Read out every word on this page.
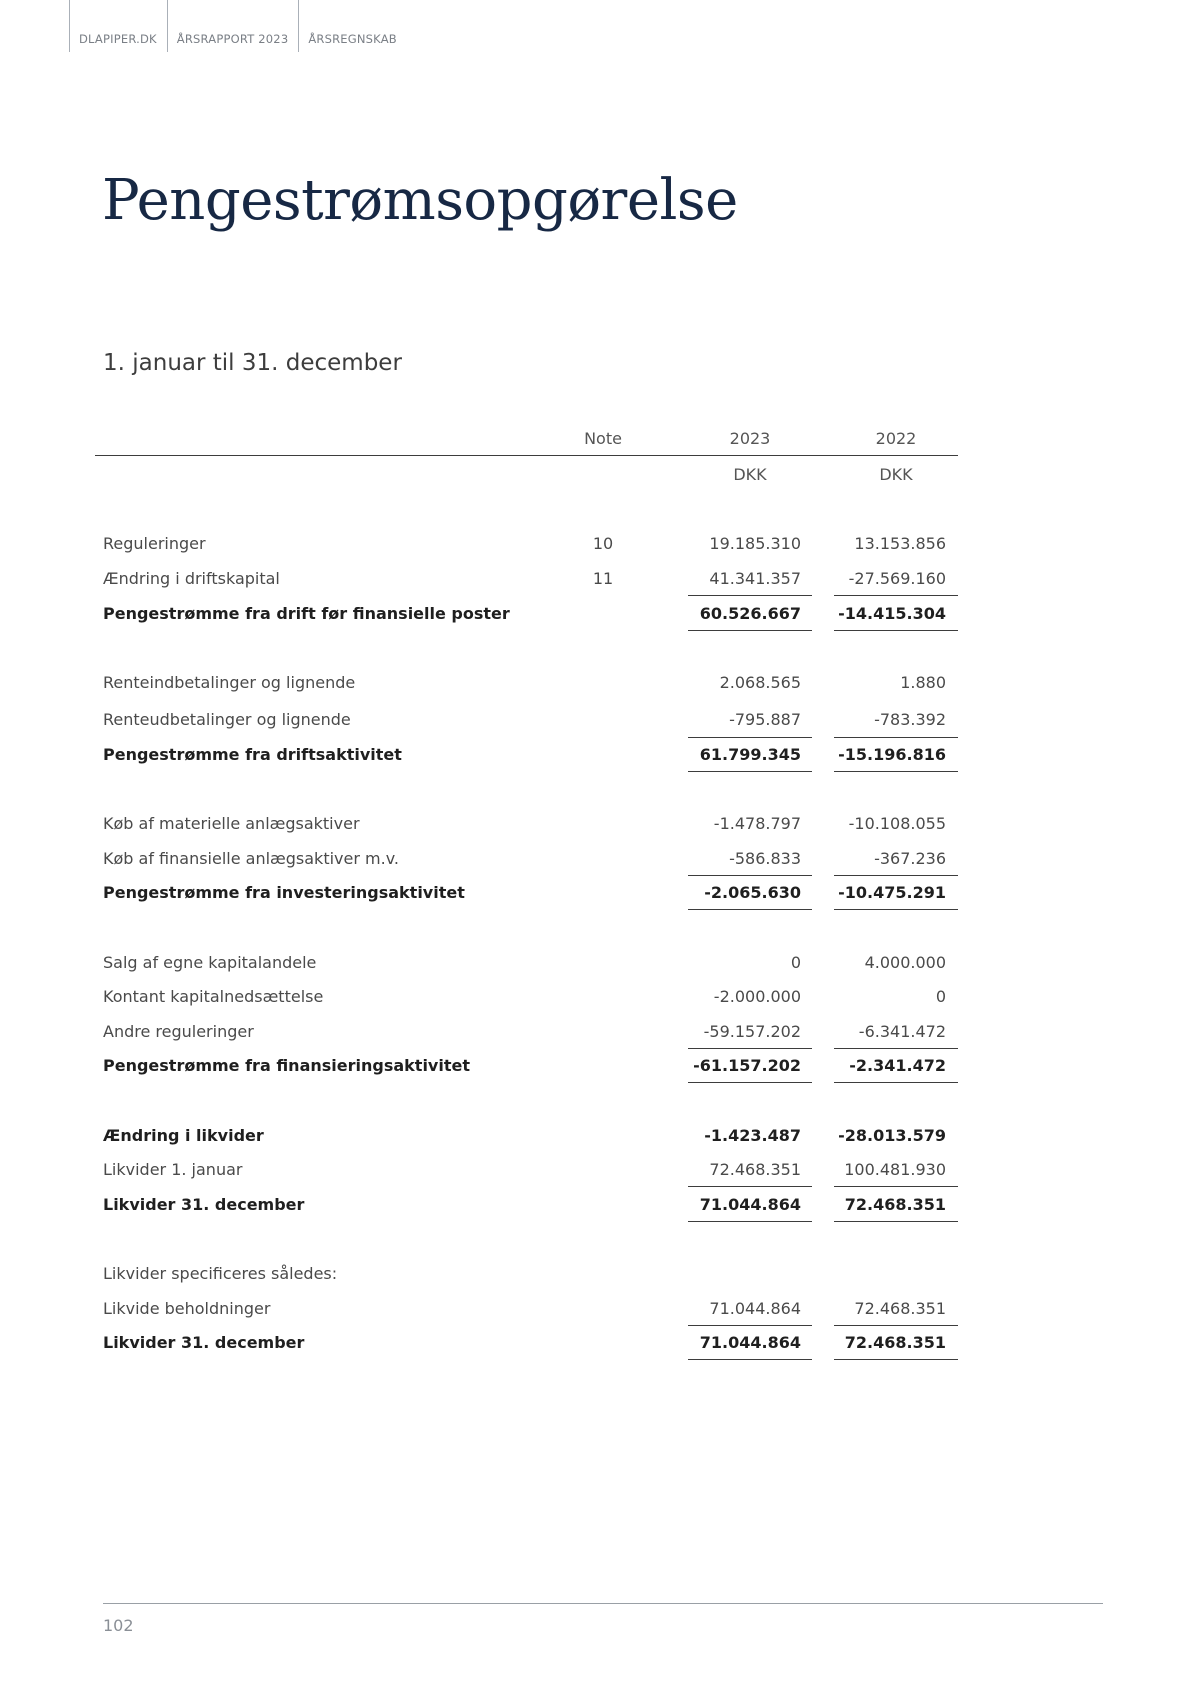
DLAPIPER.DK	ÅRSRAPPORT 2023	ÅRSREGNSKAB
Pengestrømsopgørelse
1. januar til 31. december
Note	2023	2022
DKK	DKK
Reguleringer	10	19.185.310	13.153.856
Ændring i driftskapital	11	41.341.357	-27.569.160
Pengestrømme fra drift før finansielle poster	60.526.667 -14.415.304
Renteindbetalinger og lignende	2.068.565	1.880
Renteudbetalinger og lignende	-795.887	-783.392
Pengestrømme fra driftsaktivitet	61.799.345 -15.196.816
Køb af materielle anlægsaktiver	-1.478.797	-10.108.055
Køb af finansielle anlægsaktiver m.v.	-586.833	-367.236
Pengestrømme fra investeringsaktivitet	-2.065.630 -10.475.291
Salg af egne kapitalandele	0	4.000.000
Kontant kapitalnedsættelse	-2.000.000	0
Andre reguleringer	-59.157.202	-6.341.472
Pengestrømme fra finansieringsaktivitet	-61.157.202	-2.341.472
Ændring i likvider	-1.423.487 -28.013.579
Likvider 1. januar	72.468.351	100.481.930
Likvider 31. december	71.044.864	72.468.351
Likvider specificeres således:
Likvide beholdninger	71.044.864	72.468.351
Likvider 31. december	71.044.864	72.468.351
102
